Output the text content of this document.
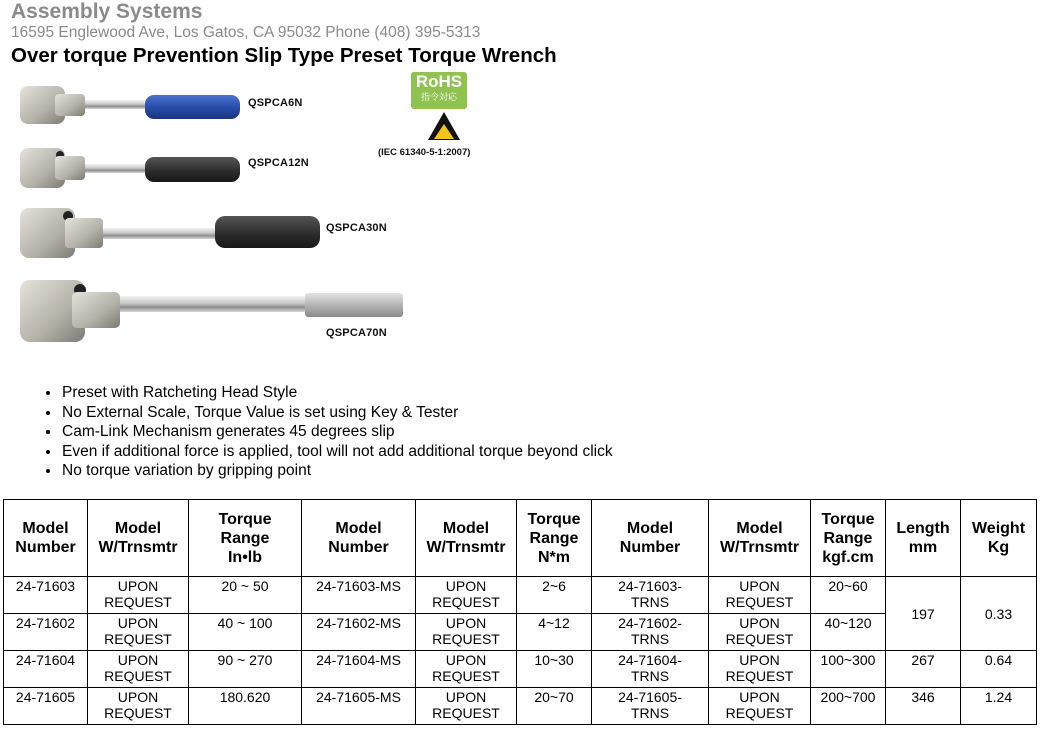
Assembly Systems
16595 Englewood Ave, Los Gatos, CA 95032 Phone (408) 395-5313
Over torque Prevention Slip Type Preset Torque Wrench
QSPCA6N
QSPCA12N
QSPCA30N
QSPCA70N
RoHS
指令対応
(IEC 61340-5-1:2007)
• Preset with Ratcheting Head Style
• No External Scale, Torque Value is set using Key & Tester
• Cam-Link Mechanism generates 45 degrees slip
• Even if additional force is applied, tool will not add additional torque beyond click
• No torque variation by gripping point
Model
Number	Model
W/Trnsmtr	Torque
Range
In•lb	Model
Number	Model
W/Trnsmtr	Torque
Range
N*m	Model
Number	Model
W/Trnsmtr	Torque
Range
kgf.cm	Length
mm	Weight
Kg
24-71603	UPON
REQUEST	20 ~ 50	24-71603-MS	UPON
REQUEST	2~6	24-71603-
TRNS	UPON
REQUEST	20~60	197	0.33
24-71602	UPON
REQUEST	40 ~ 100	24-71602-MS	UPON
REQUEST	4~12	24-71602-
TRNS	UPON
REQUEST	40~120		
24-71604	UPON
REQUEST	90 ~ 270	24-71604-MS	UPON
REQUEST	10~30	24-71604-
TRNS	UPON
REQUEST	100~300	267	0.64
24-71605	UPON
REQUEST	180.620	24-71605-MS	UPON
REQUEST	20~70	24-71605-
TRNS	UPON
REQUEST	200~700	346	1.24
